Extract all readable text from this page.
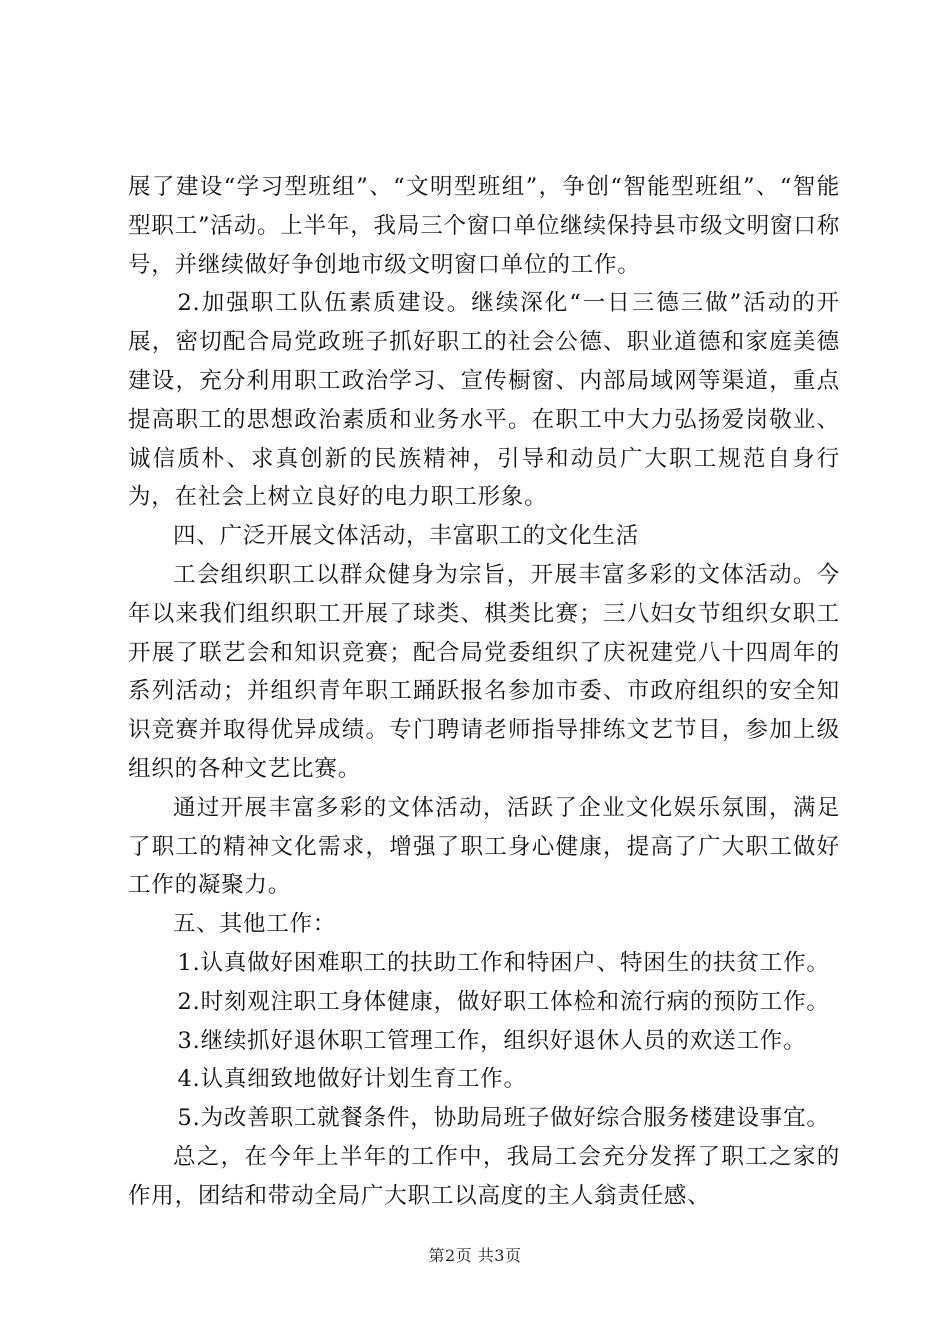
展了建设“学习型班组”、“文明型班组”，争创“智能型班组”、“智能型职工”活动。上半年，我局三个窗口单位继续保持县市级文明窗口称号，并继续做好争创地市级文明窗口单位的工作。

2.加强职工队伍素质建设。继续深化“一日三德三做”活动的开展，密切配合局党政班子抓好职工的社会公德、职业道德和家庭美德建设，充分利用职工政治学习、宣传橱窗、内部局域网等渠道，重点提高职工的思想政治素质和业务水平。在职工中大力弘扬爱岗敬业、诚信质朴、求真创新的民族精神，引导和动员广大职工规范自身行为，在社会上树立良好的电力职工形象。

四、广泛开展文体活动，丰富职工的文化生活

工会组织职工以群众健身为宗旨，开展丰富多彩的文体活动。今年以来我们组织职工开展了球类、棋类比赛；三八妇女节组织女职工开展了联艺会和知识竞赛；配合局党委组织了庆祝建党八十四周年的系列活动；并组织青年职工踊跃报名参加市委、市政府组织的安全知识竞赛并取得优异成绩。专门聘请老师指导排练文艺节目，参加上级组织的各种文艺比赛。

通过开展丰富多彩的文体活动，活跃了企业文化娱乐氛围，满足了职工的精神文化需求，增强了职工身心健康，提高了广大职工做好工作的凝聚力。

五、其他工作：

1.认真做好困难职工的扶助工作和特困户、特困生的扶贫工作。

2.时刻观注职工身体健康，做好职工体检和流行病的预防工作。

3.继续抓好退休职工管理工作，组织好退休人员的欢送工作。

4.认真细致地做好计划生育工作。

5.为改善职工就餐条件，协助局班子做好综合服务楼建设事宜。

总之，在今年上半年的工作中，我局工会充分发挥了职工之家的作用，团结和带动全局广大职工以高度的主人翁责任感、

第2页 共3页
